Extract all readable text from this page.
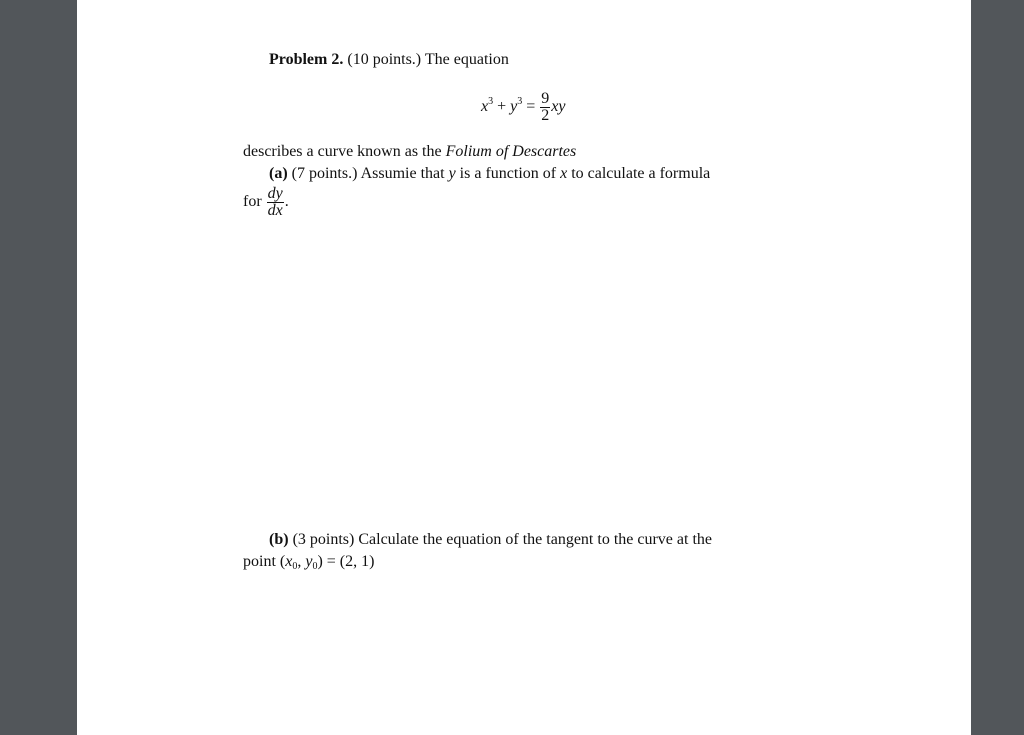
Problem 2. (10 points.) The equation
$x^3 + y^3 = \frac{9}{2}$ xy
describes a curve known as the Folium of Descartes
(a) (7 points.) Assumie that y is a function of x to calculate a formula
for $\frac{dy}{dx}$ .
(b) (3 points) Calculate the equation of the tangent to the curve at the
point ($x_0$, $y_0) = (2$, 1)
